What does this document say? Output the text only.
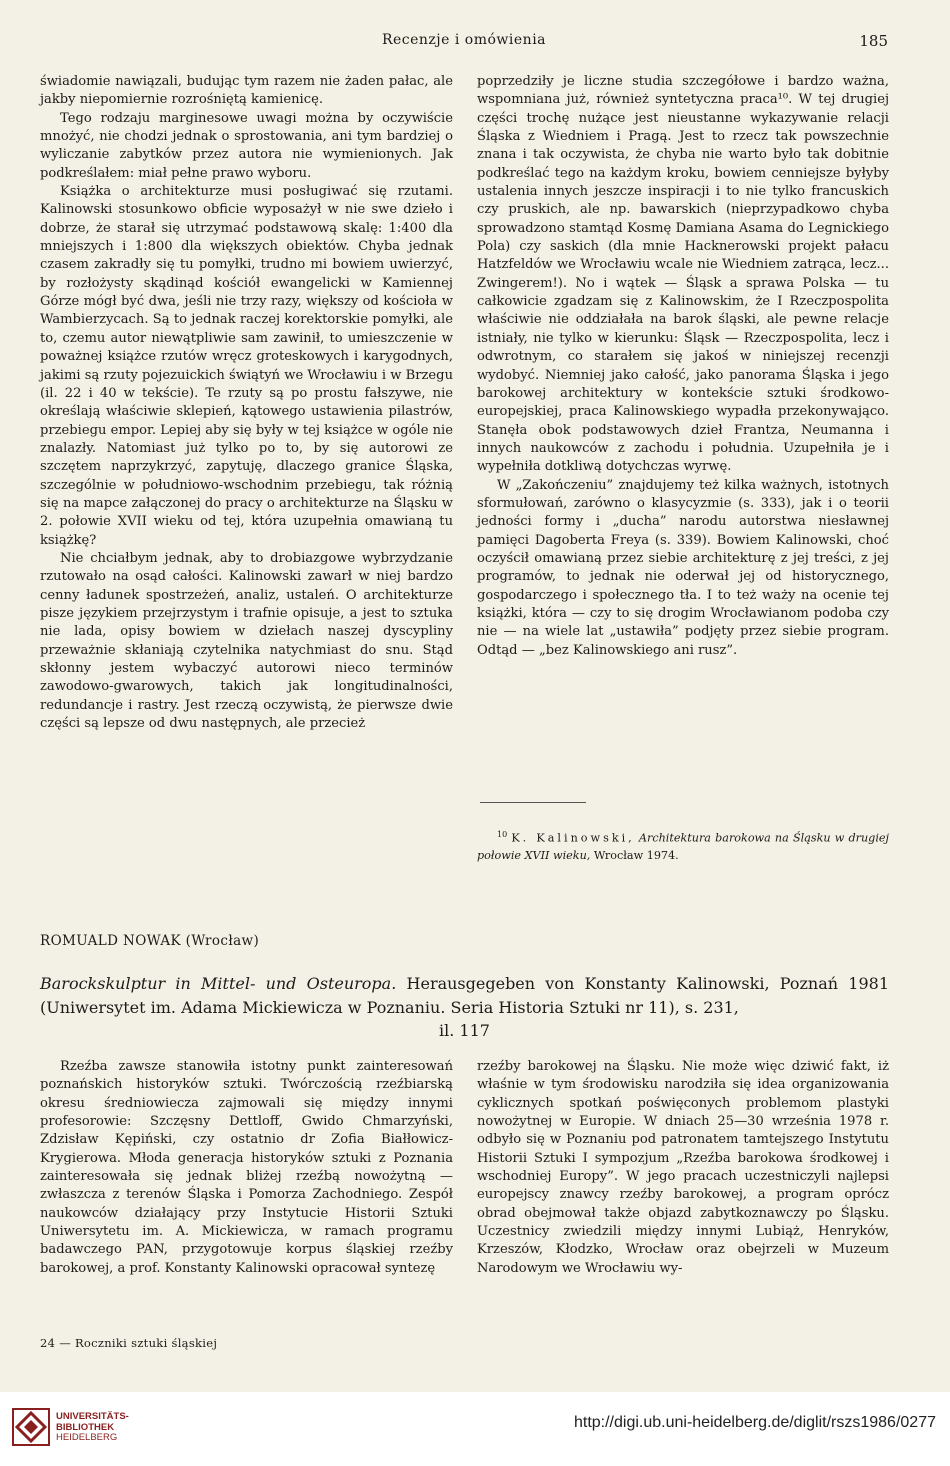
Recenzje i omówienia	185

świadomie nawiązali, budując tym razem nie żaden pałac, ale jakby niepomiernie rozrośniętą kamienicę.

Tego rodzaju marginesowe uwagi można by oczywiście mnożyć, nie chodzi jednak o sprostowania, ani tym bardziej o wyliczanie zabytków przez autora nie wymienionych. Jak podkreślałem: miał pełne prawo wyboru.

Książka o architekturze musi posługiwać się rzutami. Kalinowski stosunkowo obficie wyposażył w nie swe dzieło i dobrze, że starał się utrzymać podstawową skalę: 1:400 dla mniejszych i 1:800 dla większych obiektów. Chyba jednak czasem zakradły się tu pomyłki, trudno mi bowiem uwierzyć, by rozłożysty skądinąd kościół ewangelicki w Kamiennej Górze mógł być dwa, jeśli nie trzy razy, większy od kościoła w Wambierzycach. Są to jednak raczej korektorskie pomyłki, ale to, czemu autor niewątpliwie sam zawinił, to umieszczenie w poważnej książce rzutów wręcz groteskowych i karygodnych, jakimi są rzuty pojezuickich świątyń we Wrocławiu i w Brzegu (il. 22 i 40 w tekście). Te rzuty są po prostu fałszywe, nie określają właściwie sklepień, kątowego ustawienia pilastrów, przebiegu empor. Lepiej aby się były w tej książce w ogóle nie znalazły. Natomiast już tylko po to, by się autorowi ze szczętem naprzykrzyć, zapytuję, dlaczego granice Śląska, szczególnie w południowo-wschodnim przebiegu, tak różnią się na mapce załączonej do pracy o architekturze na Śląsku w 2. połowie XVII wieku od tej, która uzupełnia omawianą tu książkę?

Nie chciałbym jednak, aby to drobiazgowe wybrzydzanie rzutowało na osąd całości. Kalinowski zawarł w niej bardzo cenny ładunek spostrzeżeń, analiz, ustaleń. O architekturze pisze językiem przejrzystym i trafnie opisuje, a jest to sztuka nie lada, opisy bowiem w dziełach naszej dyscypliny przeważnie skłaniają czytelnika natychmiast do snu. Stąd skłonny jestem wybaczyć autorowi nieco terminów zawodowo-gwarowych, takich jak longitudinalności, redundancje i rastry. Jest rzeczą oczywistą, że pierwsze dwie części są lepsze od dwu następnych, ale przecież

poprzedziły je liczne studia szczegółowe i bardzo ważna, wspomniana już, również syntetyczna praca¹⁰. W tej drugiej części trochę nużące jest nieustanne wykazywanie relacji Śląska z Wiedniem i Pragą. Jest to rzecz tak powszechnie znana i tak oczywista, że chyba nie warto było tak dobitnie podkreślać tego na każdym kroku, bowiem cenniejsze byłyby ustalenia innych jeszcze inspiracji i to nie tylko francuskich czy pruskich, ale np. bawarskich (nieprzypadkowo chyba sprowadzono stamtąd Kosmę Damiana Asama do Legnickiego Pola) czy saskich (dla mnie Hacknerowski projekt pałacu Hatzfeldów we Wrocławiu wcale nie Wiedniem zatrąca, lecz... Zwingerem!). No i wątek — Śląsk a sprawa Polska — tu całkowicie zgadzam się z Kalinowskim, że I Rzeczpospolita właściwie nie oddziałała na barok śląski, ale pewne relacje istniały, nie tylko w kierunku: Śląsk — Rzeczpospolita, lecz i odwrotnym, co starałem się jakoś w niniejszej recenzji wydobyć. Niemniej jako całość, jako panorama Śląska i jego barokowej architektury w kontekście sztuki środkowo-europejskiej, praca Kalinowskiego wypadła przekonywająco. Stanęła obok podstawowych dzieł Frantza, Neumanna i innych naukowców z zachodu i południa. Uzupełniła je i wypełniła dotkliwą dotychczas wyrwę.

W „Zakończeniu” znajdujemy też kilka ważnych, istotnych sformułowań, zarówno o klasycyzmie (s. 333), jak i o teorii jedności formy i „ducha” narodu autorstwa niesławnej pamięci Dagoberta Freya (s. 339). Bowiem Kalinowski, choć oczyścił omawianą przez siebie architekturę z jej treści, z jej programów, to jednak nie oderwał jej od historycznego, gospodarczego i społecznego tła. I to też waży na ocenie tej książki, która — czy to się drogim Wrocławianom podoba czy nie — na wiele lat „ustawiła” podjęty przez siebie program. Odtąd — „bez Kalinowskiego ani rusz”.

$^{10}$ K. Kalinowski, Architektura barokowa na Śląsku w drugiej połowie XVII wieku, Wrocław 1974.
ROMUALD NOWAK (Wrocław)
Barockskulptur in Mittel- und Osteuropa. Herausgegeben von Konstanty Kalinowski, Poznań 1981 (Uniwersytet im. Adama Mickiewicza w Poznaniu. Seria Historia Sztuki nr 11), s. 231,
il. 117

Rzeźba zawsze stanowiła istotny punkt zainteresowań poznańskich historyków sztuki. Twórczością rzeźbiarską okresu średniowiecza zajmowali się między innymi profesorowie: Szczęsny Dettloff, Gwido Chmarzyński, Zdzisław Kępiński, czy ostatnio dr Zofia Białłowicz-Krygierowa. Młoda generacja historyków sztuki z Poznania zainteresowała się jednak bliżej rzeźbą nowożytną — zwłaszcza z terenów Śląska i Pomorza Zachodniego. Zespół naukowców działający przy Instytucie Historii Sztuki Uniwersytetu im. A. Mickiewicza, w ramach programu badawczego PAN, przygotowuje korpus śląskiej rzeźby barokowej, a prof. Konstanty Kalinowski opracował syntezę

rzeźby barokowej na Śląsku. Nie może więc dziwić fakt, iż właśnie w tym środowisku narodziła się idea organizowania cyklicznych spotkań poświęconych problemom plastyki nowożytnej w Europie. W dniach 25—30 września 1978 r. odbyło się w Poznaniu pod patronatem tamtejszego Instytutu Historii Sztuki I sympozjum „Rzeźba barokowa środkowej i wschodniej Europy”. W jego pracach uczestniczyli najlepsi europejscy znawcy rzeźby barokowej, a program oprócz obrad obejmował także objazd zabytkoznawczy po Śląsku. Uczestnicy zwiedzili między innymi Lubiąż, Henryków, Krzeszów, Kłodzko, Wrocław oraz obejrzeli w Muzeum Narodowym we Wrocławiu wy-

24 — Roczniki sztuki śląskiej
UNIVERSITÄTS-
BIBLIOTHEK
HEIDELBERG
http://digi.ub.uni-heidelberg.de/diglit/rszs1986/0277
